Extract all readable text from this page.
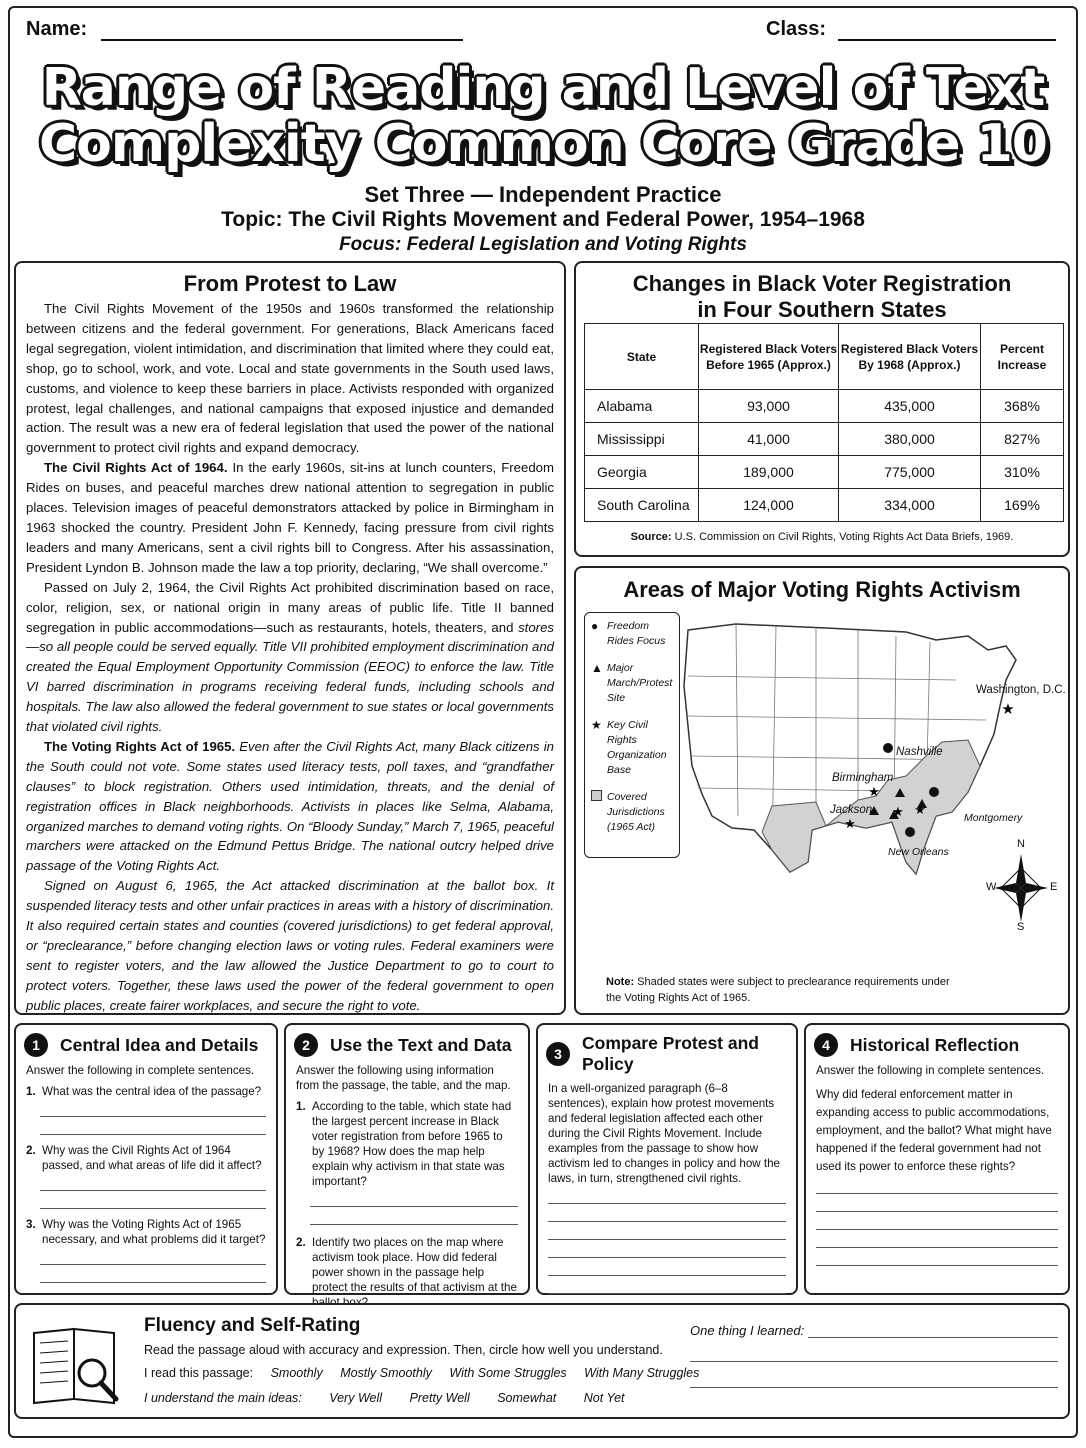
Name:	Class:
Range of Reading and Level of Text
Complexity Common Core Grade 10
Set Three — Independent Practice
Topic: The Civil Rights Movement and Federal Power, 1954–1968
Focus: Federal Legislation and Voting Rights
From Protest to Law

The Civil Rights Movement of the 1950s and 1960s transformed the relationship between citizens and the federal government. For generations, Black Americans faced legal segregation, violent intimidation, and discrimination that limited where they could eat, shop, go to school, work, and vote. Local and state governments in the South used laws, customs, and violence to keep these barriers in place. Activists responded with organized protest, legal challenges, and national campaigns that exposed injustice and demanded action. The result was a new era of federal legislation that used the power of the national government to protect civil rights and expand democracy.

The Civil Rights Act of 1964. In the early 1960s, sit-ins at lunch counters, Freedom Rides on buses, and peaceful marches drew national attention to segregation in public places. Television images of peaceful demonstrators attacked by police in Birmingham in 1963 shocked the country. President John F. Kennedy, facing pressure from civil rights leaders and many Americans, sent a civil rights bill to Congress. After his assassination, President Lyndon B. Johnson made the law a top priority, declaring, “We shall overcome.”

Passed on July 2, 1964, the Civil Rights Act prohibited discrimination based on race, color, religion, sex, or national origin in many areas of public life. Title II banned segregation in public accommodations—such as restaurants, hotels, theaters, and stores—so all people could be served equally. Title VII prohibited employment discrimination and created the Equal Employment Opportunity Commission (EEOC) to enforce the law. Title VI barred discrimination in programs receiving federal funds, including schools and hospitals. The law also allowed the federal government to sue states or local governments that violated civil rights.

The Voting Rights Act of 1965. Even after the Civil Rights Act, many Black citizens in the South could not vote. Some states used literacy tests, poll taxes, and “grandfather clauses” to block registration. Others used intimidation, threats, and the denial of registration offices in Black neighborhoods. Activists in places like Selma, Alabama, organized marches to demand voting rights. On “Bloody Sunday,” March 7, 1965, peaceful marchers were attacked on the Edmund Pettus Bridge. The national outcry helped drive passage of the Voting Rights Act.

Signed on August 6, 1965, the Act attacked discrimination at the ballot box. It suspended literacy tests and other unfair practices in areas with a history of discrimination. It also required certain states and counties (covered jurisdictions) to get federal approval, or “preclearance,” before changing election laws or voting rules. Federal examiners were sent to register voters, and the law allowed the Justice Department to go to court to protect voters. Together, these laws used the power of the federal government to open public places, create fairer workplaces, and secure the right to vote.

Changes in Black Voter Registration
in Four Southern States
State	Registered Black Voters Before 1965 (Approx.)	Registered Black Voters By 1968 (Approx.)	Percent Increase
Alabama	93,000	435,000	368%
Mississippi	41,000	380,000	827%
Georgia	189,000	775,000	310%
South Carolina	124,000	334,000	169%
Source: U.S. Commission on Civil Rights, Voting Rights Act Data Briefs, 1969.
Areas of Major Voting Rights Activism
● Freedom Rides Focus
▲ Major March/Protest Site
★ Key Civil Rights Organization Base
Covered Jurisdictions (1965 Act)
★
★
★
★
★
Washington, D.C.
Nashville
Birmingham
Jackson
Montgomery
New Orleans
N
S
W	E
Note: Shaded states were subject to preclearance requirements under the Voting Rights Act of 1965.
1	Central Idea and Details
Answer the following in complete sentences.
1. What was the central idea of the passage?
2. Why was the Civil Rights Act of 1964 passed, and what areas of life did it affect?
3. Why was the Voting Rights Act of 1965 necessary, and what problems did it target?
2	Use the Text and Data
Answer the following using information from the passage, the table, and the map.
1. According to the table, which state had the largest percent increase in Black voter registration from before 1965 to by 1968? How does the map help explain why activism in that state was important?
2. Identify two places on the map where activism took place. How did federal power shown in the passage help protect the results of that activism at the
3
Compare Protest and Policy
In a well-organized paragraph (6–8 sentences), explain how protest movements and federal legislation affected each other during the Civil Rights Movement. Include examples from the passage to show how activism led to changes in policy and how the laws, in turn, strengthened civil rights.
4	Historical Reflection
Answer the following in complete sentences.
Why did federal enforcement matter in expanding access to public accommodations, employment, and the ballot? What might have happened if the federal government had not used its power to enforce these rights?
Fluency and Self-Rating
Read the passage aloud with accuracy and expression. Then, circle how well you understand.
I read this passage: Smoothly Mostly Smoothly With Some Struggles With Many Struggles
I understand the main ideas: Very Well Pretty Well Somewhat Not Yet
One thing I learned:
